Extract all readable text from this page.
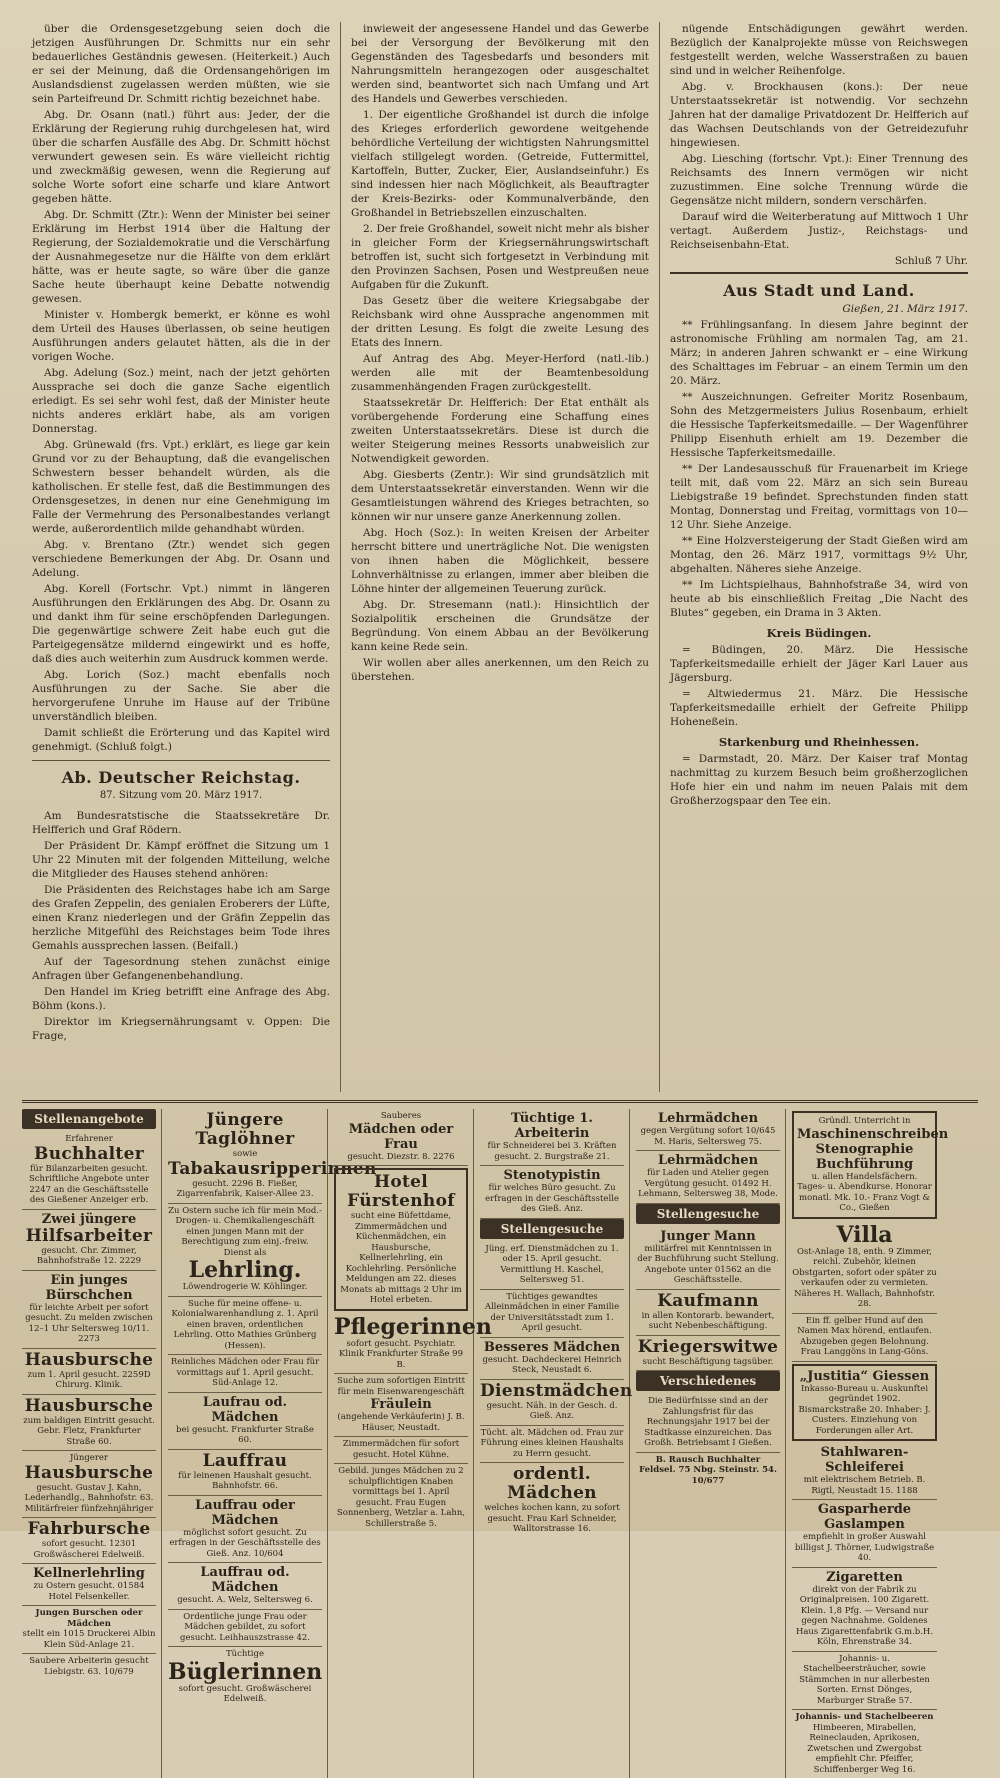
über die Ordensgesetzgebung seien doch die jetzigen Ausführungen Dr. Schmitts nur ein sehr bedauerliches Geständnis gewesen. (Heiterkeit.) Auch er sei der Meinung, daß die Ordensangehörigen im Auslandsdienst zugelassen werden müßten, wie sie sein Parteifreund Dr. Schmitt richtig bezeichnet habe.

Abg. Dr. Osann (natl.) führt aus: Jeder, der die Erklärung der Regierung ruhig durchgelesen hat, wird über die scharfen Ausfälle des Abg. Dr. Schmitt höchst verwundert gewesen sein. Es wäre vielleicht richtig und zweckmäßig gewesen, wenn die Regierung auf solche Worte sofort eine scharfe und klare Antwort gegeben hätte.

Abg. Dr. Schmitt (Ztr.): Wenn der Minister bei seiner Erklärung im Herbst 1914 über die Haltung der Regierung, der Sozialdemokratie und die Verschärfung der Ausnahmegesetze nur die Hälfte von dem erklärt hätte, was er heute sagte, so wäre über die ganze Sache heute überhaupt keine Debatte notwendig gewesen.

Minister v. Hombergk bemerkt, er könne es wohl dem Urteil des Hauses überlassen, ob seine heutigen Ausführungen anders gelautet hätten, als die in der vorigen Woche.

Abg. Adelung (Soz.) meint, nach der jetzt gehörten Aussprache sei doch die ganze Sache eigentlich erledigt. Es sei sehr wohl fest, daß der Minister heute nichts anderes erklärt habe, als am vorigen Donnerstag.

Abg. Grünewald (frs. Vpt.) erklärt, es liege gar kein Grund vor zu der Behauptung, daß die evangelischen Schwestern besser behandelt würden, als die katholischen. Er stelle fest, daß die Bestimmungen des Ordensgesetzes, in denen nur eine Genehmigung im Falle der Vermehrung des Personalbestandes verlangt werde, außerordentlich milde gehandhabt würden.

Abg. v. Brentano (Ztr.) wendet sich gegen verschiedene Bemerkungen der Abg. Dr. Osann und Adelung.

Abg. Korell (Fortschr. Vpt.) nimmt in längeren Ausführungen den Erklärungen des Abg. Dr. Osann zu und dankt ihm für seine erschöpfenden Darlegungen. Die gegenwärtige schwere Zeit habe euch gut die Parteigegensätze mildernd eingewirkt und es hoffe, daß dies auch weiterhin zum Ausdruck kommen werde.

Abg. Lorich (Soz.) macht ebenfalls noch Ausführungen zu der Sache. Sie aber die hervorgerufene Unruhe im Hause auf der Tribüne unverständlich bleiben.

Damit schließt die Erörterung und das Kapitel wird genehmigt. (Schluß folgt.)

Ab. Deutscher Reichstag.
87. Sitzung vom 20. März 1917.

Am Bundesratstische die Staatssekretäre Dr. Helfferich und Graf Rödern.

Der Präsident Dr. Kämpf eröffnet die Sitzung um 1 Uhr 22 Minuten mit der folgenden Mitteilung, welche die Mitglieder des Hauses stehend anhören:

Die Präsidenten des Reichstages habe ich am Sarge des Grafen Zeppelin, des genialen Eroberers der Lüfte, einen Kranz niederlegen und der Gräfin Zeppelin das herzliche Mitgefühl des Reichstages beim Tode ihres Gemahls aussprechen lassen. (Beifall.)

Auf der Tagesordnung stehen zunächst einige Anfragen über Gefangenenbehandlung.

Den Handel im Krieg betrifft eine Anfrage des Abg. Böhm (kons.).

Direktor im Kriegsernährungsamt v. Oppen: Die Frage,

inwieweit der angesessene Handel und das Gewerbe bei der Versorgung der Bevölkerung mit den Gegenständen des Tagesbedarfs und besonders mit Nahrungsmitteln herangezogen oder ausgeschaltet werden sind, beantwortet sich nach Umfang und Art des Handels und Gewerbes verschieden.

1. Der eigentliche Großhandel ist durch die infolge des Krieges erforderlich gewordene weitgehende behördliche Verteilung der wichtigsten Nahrungsmittel vielfach stillgelegt worden. (Getreide, Futtermittel, Kartoffeln, Butter, Zucker, Eier, Auslandseinfuhr.) Es sind indessen hier nach Möglichkeit, als Beauftragter der Kreis-Bezirks- oder Kommunalverbände, den Großhandel in Betriebszellen einzuschalten.

2. Der freie Großhandel, soweit nicht mehr als bisher in gleicher Form der Kriegsernährungswirtschaft betroffen ist, sucht sich fortgesetzt in Verbindung mit den Provinzen Sachsen, Posen und Westpreußen neue Aufgaben für die Zukunft.

Das Gesetz über die weitere Kriegsabgabe der Reichsbank wird ohne Aussprache angenommen mit der dritten Lesung. Es folgt die zweite Lesung des Etats des Innern.

Auf Antrag des Abg. Meyer-Herford (natl.-lib.) werden alle mit der Beamtenbesoldung zusammenhängenden Fragen zurückgestellt.

Staatssekretär Dr. Helfferich: Der Etat enthält als vorübergehende Forderung eine Schaffung eines zweiten Unterstaatssekretärs. Diese ist durch die weiter Steigerung meines Ressorts unabweislich zur Notwendigkeit geworden.

Abg. Giesberts (Zentr.): Wir sind grundsätzlich mit dem Unterstaatssekretär einverstanden. Wenn wir die Gesamtleistungen während des Krieges betrachten, so können wir nur unsere ganze Anerkennung zollen.

Abg. Hoch (Soz.): In weiten Kreisen der Arbeiter herrscht bittere und unerträgliche Not. Die wenigsten von ihnen haben die Möglichkeit, bessere Lohnverhältnisse zu erlangen, immer aber bleiben die Löhne hinter der allgemeinen Teuerung zurück.

Abg. Dr. Stresemann (natl.): Hinsichtlich der Sozialpolitik erscheinen die Grundsätze der Begründung. Von einem Abbau an der Bevölkerung kann keine Rede sein.

Wir wollen aber alles anerkennen, um den Reich zu überstehen.

nügende Entschädigungen gewährt werden. Bezüglich der Kanalprojekte müsse von Reichswegen festgestellt werden, welche Wasserstraßen zu bauen sind und in welcher Reihenfolge.

Abg. v. Brockhausen (kons.): Der neue Unterstaatssekretär ist notwendig. Vor sechzehn Jahren hat der damalige Privatdozent Dr. Helfferich auf das Wachsen Deutschlands von der Getreidezufuhr hingewiesen.

Abg. Liesching (fortschr. Vpt.): Einer Trennung des Reichsamts des Innern vermögen wir nicht zuzustimmen. Eine solche Trennung würde die Gegensätze nicht mildern, sondern verschärfen.

Darauf wird die Weiterberatung auf Mittwoch 1 Uhr vertagt. Außerdem Justiz-, Reichstags- und Reichseisenbahn-Etat.

Schluß 7 Uhr.

Aus Stadt und Land.
Gießen, 21. März 1917.

** Frühlingsanfang. In diesem Jahre beginnt der astronomische Frühling am normalen Tag, am 21. März; in anderen Jahren schwankt er – eine Wirkung des Schalttages im Februar – an einem Termin um den 20. März.

** Auszeichnungen. Gefreiter Moritz Rosenbaum, Sohn des Metzgermeisters Julius Rosenbaum, erhielt die Hessische Tapferkeitsmedaille. — Der Wagenführer Philipp Eisenhuth erhielt am 19. Dezember die Hessische Tapferkeitsmedaille.

** Der Landesausschuß für Frauenarbeit im Kriege teilt mit, daß vom 22. März an sich sein Bureau Liebigstraße 19 befindet. Sprechstunden finden statt Montag, Donnerstag und Freitag, vormittags von 10—12 Uhr. Siehe Anzeige.

** Eine Holzversteigerung der Stadt Gießen wird am Montag, den 26. März 1917, vormittags 9½ Uhr, abgehalten. Näheres siehe Anzeige.

** Im Lichtspielhaus, Bahnhofstraße 34, wird von heute ab bis einschließlich Freitag „Die Nacht des Blutes“ gegeben, ein Drama in 3 Akten.

Kreis Büdingen.

= Büdingen, 20. März. Die Hessische Tapferkeitsmedaille erhielt der Jäger Karl Lauer aus Jägersburg.

= Altwiedermus 21. März. Die Hessische Tapferkeitsmedaille erhielt der Gefreite Philipp Hoheneßein.

Starkenburg und Rheinhessen.

= Darmstadt, 20. März. Der Kaiser traf Montag nachmittag zu kurzem Besuch beim großherzoglichen Hofe hier ein und nahm im neuen Palais mit dem Großherzogspaar den Tee ein.

Stellenangebote
Erfahrener
Buchhalter
für Bilanzarbeiten gesucht. Schriftliche Angebote unter 2247 an die Geschäftsstelle des Gießener Anzeiger erb.
Zwei jüngere
Hilfsarbeiter
gesucht. Chr. Zimmer, Bahnhofstraße 12. 2229
Ein junges Bürschchen
für leichte Arbeit per sofort gesucht. Zu melden zwischen 12–1 Uhr Seltersweg 10/11. 2273
Hausbursche
zum 1. April gesucht. 2259D Chirurg. Klinik.
Hausbursche
zum baldigen Eintritt gesucht. Gebr. Fletz, Frankfurter Straße 60.
Jüngerer
Hausbursche
gesucht. Gustav J. Kahn, Lederhandlg., Bahnhofstr. 63. Militärfreier fünfzehnjähriger
Fahrbursche
sofort gesucht. 12301 Großwäscherei Edelweiß.
Kellnerlehrling
zu Ostern gesucht. 01584 Hotel Felsenkeller.
Jungen Burschen oder Mädchen
stellt ein 1015 Druckerei Albin Klein Süd-Anlage 21.
Saubere Arbeiterin gesucht Liebigstr. 63. 10/679
Jüngere Taglöhner
sowie
Tabakausripperinnen
gesucht. 2296 B. Fießer, Zigarrenfabrik, Kaiser-Allee 23.
Zu Ostern suche ich für mein Mod.-Drogen- u. Chemikaliengeschäft einen jungen Mann mit der Berechtigung zum einj.-freiw. Dienst als
Lehrling.
Löwendrogerie W. Köhlinger.
Suche für meine offene- u. Kolonialwarenhandlung z. 1. April einen braven, ordentlichen Lehrling. Otto Mathies Grünberg (Hessen).
Reinliches Mädchen oder Frau für vormittags auf 1. April gesucht. Süd-Anlage 12.
Laufrau od. Mädchen
bei gesucht. Frankfurter Straße 60.
Lauffrau
für leinenen Haushalt gesucht. Bahnhofstr. 66.
Lauffrau oder Mädchen
möglichst sofort gesucht. Zu erfragen in der Geschäftsstelle des Gieß. Anz. 10/604
Lauffrau od. Mädchen
gesucht. A. Welz, Seltersweg 6.
Ordentliche junge Frau oder Mädchen gebildet, zu sofort gesucht. Leihhauszstrasse 42.
Tüchtige
Büglerinnen
sofort gesucht. Großwäscherei Edelweiß.
Sauberes
Mädchen oder Frau
gesucht. Diezstr. 8. 2276
Hotel Fürstenhof
sucht eine Büfettdame, Zimmermädchen und Küchenmädchen, ein Hausbursche, Kellnerlehrling, ein Kochlehrling. Persönliche Meldungen am 22. dieses Monats ab mittags 2 Uhr im Hotel erbeten.
Pflegerinnen
sofort gesucht. Psychiatr. Klinik Frankfurter Straße 99 B.
Suche zum sofortigen Eintritt für mein Eisenwarengeschäft
Fräulein
(angehende Verkäuferin) J. B. Häuser, Neustadt.
Zimmermädchen für sofort gesucht. Hotel Kühne.
Gebild. junges Mädchen zu 2 schulpflichtigen Knaben vormittags bei 1. April gesucht. Frau Eugen Sonnenberg, Wetzlar a. Lahn, Schillerstraße 5.
Tüchtige 1. Arbeiterin
für Schneiderei bei 3. Kräften gesucht. 2. Burgstraße 21.
Stenotypistin
für welches Büro gesucht. Zu erfragen in der Geschäftsstelle des Gieß. Anz.
Stellengesuche
Jüng. erf. Dienstmädchen zu 1. oder 15. April gesucht. Vermittlung H. Kaschel, Seltersweg 51.
Tüchtiges gewandtes Alleinmädchen in einer Familie der Universitätsstadt zum 1. April gesucht.
Besseres Mädchen
gesucht. Dachdeckerei Heinrich Steck, Neustadt 6.
Dienstmädchen
gesucht. Näh. in der Gesch. d. Gieß. Anz.
Tücht. alt. Mädchen od. Frau zur Führung eines kleinen Haushalts zu Herrn gesucht.
ordentl. Mädchen
welches kochen kann, zu sofort gesucht. Frau Karl Schneider, Walltorstrasse 16.
Lehrmädchen
gegen Vergütung sofort 10/645 M. Haris, Seltersweg 75.
Lehrmädchen
für Laden und Atelier gegen Vergütung gesucht. 01492 H. Lehmann, Seltersweg 38, Mode.
Stellengesuche
Junger Mann
militärfrei mit Kenntnissen in der Buchführung sucht Stellung. Angebote unter 01562 an die Geschäftsstelle.
Kaufmann
in allen Kontorarb. bewandert, sucht Nebenbeschäftigung.
Kriegerswitwe
sucht Beschäftigung tagsüber.
Verschiedenes
Die Bedürfnisse sind an der Zahlungsfrist für das Rechnungsjahr 1917 bei der Stadtkasse einzureichen. Das Großh. Betriebsamt I Gießen.
B. Rausch Buchhalter Feldsel. 75 Nbg. Steinstr. 54. 10/677
Gründl. Unterricht in
Maschinenschreiben Stenographie Buchführung
u. allen Handelsfächern. Tages- u. Abendkurse. Honorar monatl. Mk. 10.- Franz Vogt & Co., Gießen
Villa
Ost-Anlage 18, enth. 9 Zimmer, reichl. Zubehör, kleinen Obstgarten, sofort oder später zu verkaufen oder zu vermieten. Näheres H. Wallach, Bahnhofstr. 28.
Ein ff. gelber Hund auf den Namen Max hörend, entlaufen. Abzugeben gegen Belohnung. Frau Langgöns in Lang-Göns.
„Justitia“ Giessen
Inkasso-Bureau u. Auskunftei gegründet 1902. Bismarckstraße 20. Inhaber: J. Custers. Einziehung von Forderungen aller Art.
Stahlwaren-Schleiferei
mit elektrischem Betrieb. B. Rigtl, Neustadt 15. 1188
Gasparherde Gaslampen
empfiehlt in großer Auswahl billigst J. Thörner, Ludwigstraße 40.
Zigaretten
direkt von der Fabrik zu Originalpreisen. 100 Zigarett. Klein. 1,8 Pfg. — Versand nur gegen Nachnahme. Goldenes Haus Zigarettenfabrik G.m.b.H. Köln, Ehrenstraße 34.
Johannis- u. Stachelbeersträucher, sowie Stämmchen in nur allerbesten Sorten. Ernst Dönges, Marburger Straße 57.
Johannis- und Stachelbeeren
Himbeeren, Mirabellen, Reineclauden, Aprikosen, Zwetschen und Zwergobst empfiehlt Chr. Pfeiffer, Schiffenberger Weg 16.
